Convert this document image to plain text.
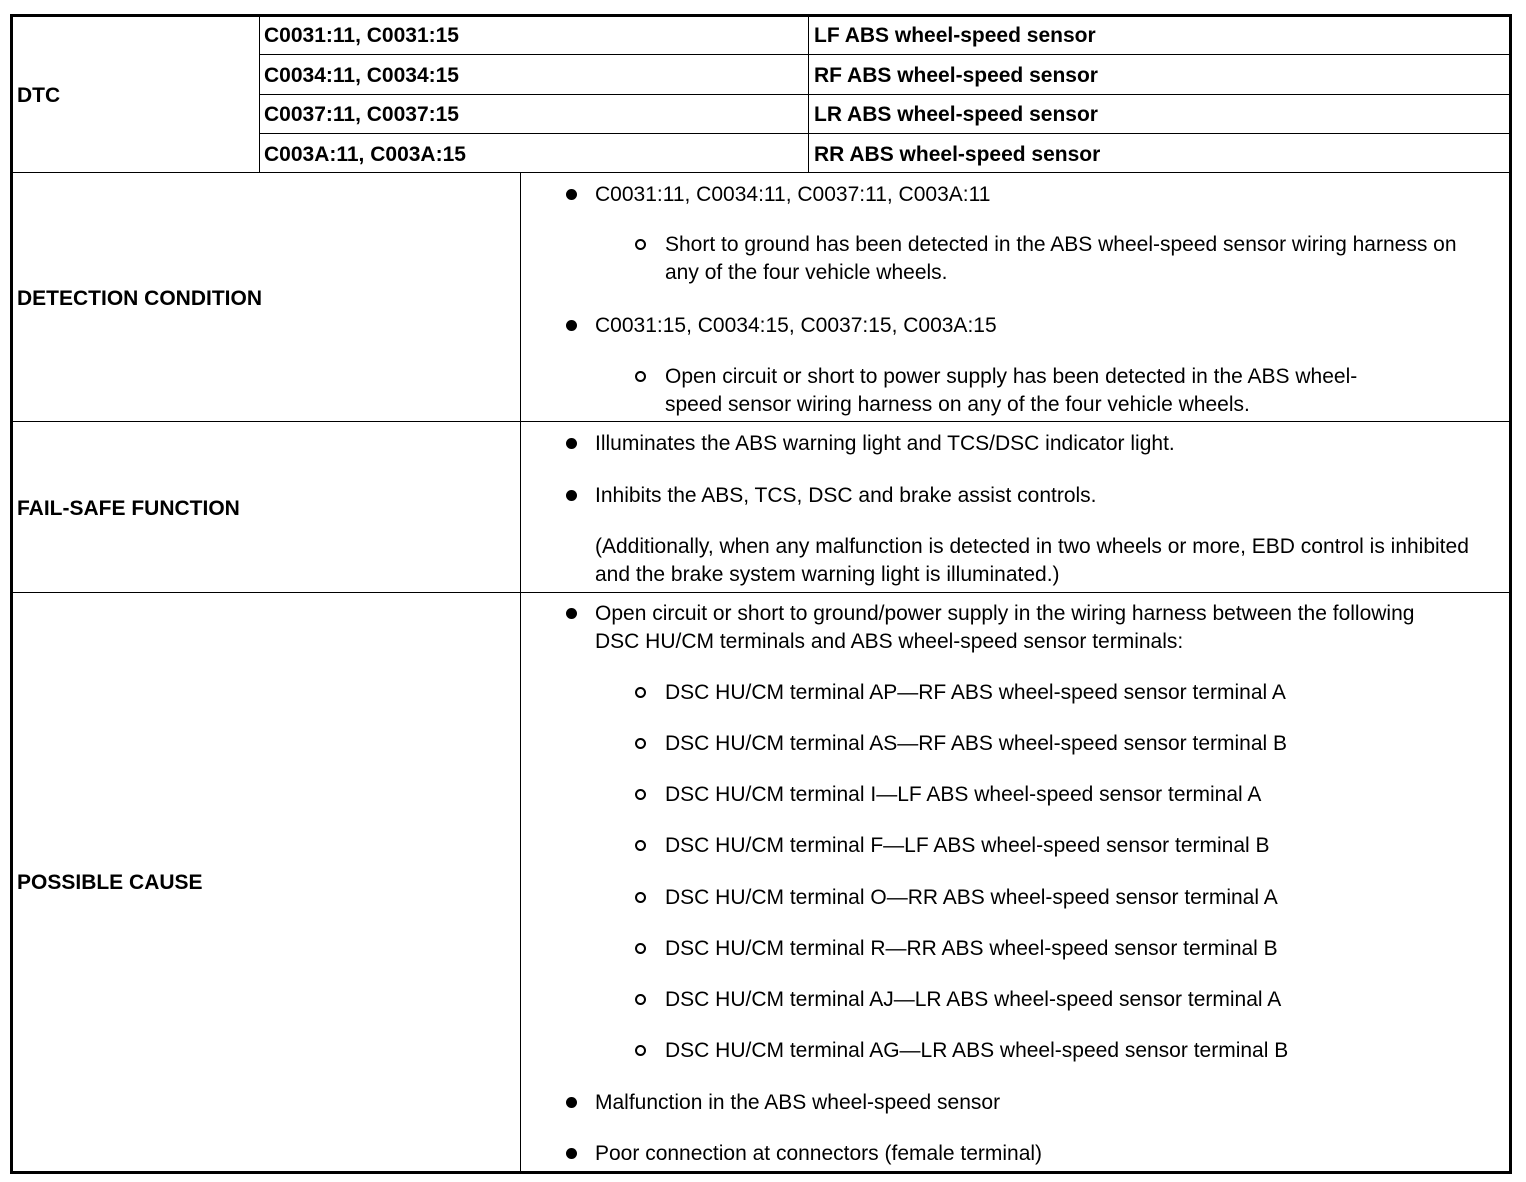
DTC
C0031:11, C0031:15	LF ABS wheel-speed sensor
C0034:11, C0034:15	RF ABS wheel-speed sensor
C0037:11, C0037:15	LR ABS wheel-speed sensor
C003A:11, C003A:15	RR ABS wheel-speed sensor
DETECTION CONDITION
C0031:11, C0034:11, C0037:11, C003A:11
Short to ground has been detected in the ABS wheel-speed sensor wiring harness on any of the four vehicle wheels.
C0031:15, C0034:15, C0037:15, C003A:15
Open circuit or short to power supply has been detected in the ABS wheel-speed sensor wiring harness on any of the four vehicle wheels.
FAIL-SAFE FUNCTION
Illuminates the ABS warning light and TCS/DSC indicator light.
Inhibits the ABS, TCS, DSC and brake assist controls.
(Additionally, when any malfunction is detected in two wheels or more, EBD control is inhibited and the brake system warning light is illuminated.)
POSSIBLE CAUSE
Open circuit or short to ground/power supply in the wiring harness between the following DSC HU/CM terminals and ABS wheel-speed sensor terminals:
DSC HU/CM terminal AP—RF ABS wheel-speed sensor terminal A
DSC HU/CM terminal AS—RF ABS wheel-speed sensor terminal B
DSC HU/CM terminal I—LF ABS wheel-speed sensor terminal A
DSC HU/CM terminal F—LF ABS wheel-speed sensor terminal B
DSC HU/CM terminal O—RR ABS wheel-speed sensor terminal A
DSC HU/CM terminal R—RR ABS wheel-speed sensor terminal B
DSC HU/CM terminal AJ—LR ABS wheel-speed sensor terminal A
DSC HU/CM terminal AG—LR ABS wheel-speed sensor terminal B
Malfunction in the ABS wheel-speed sensor
Poor connection at connectors (female terminal)
